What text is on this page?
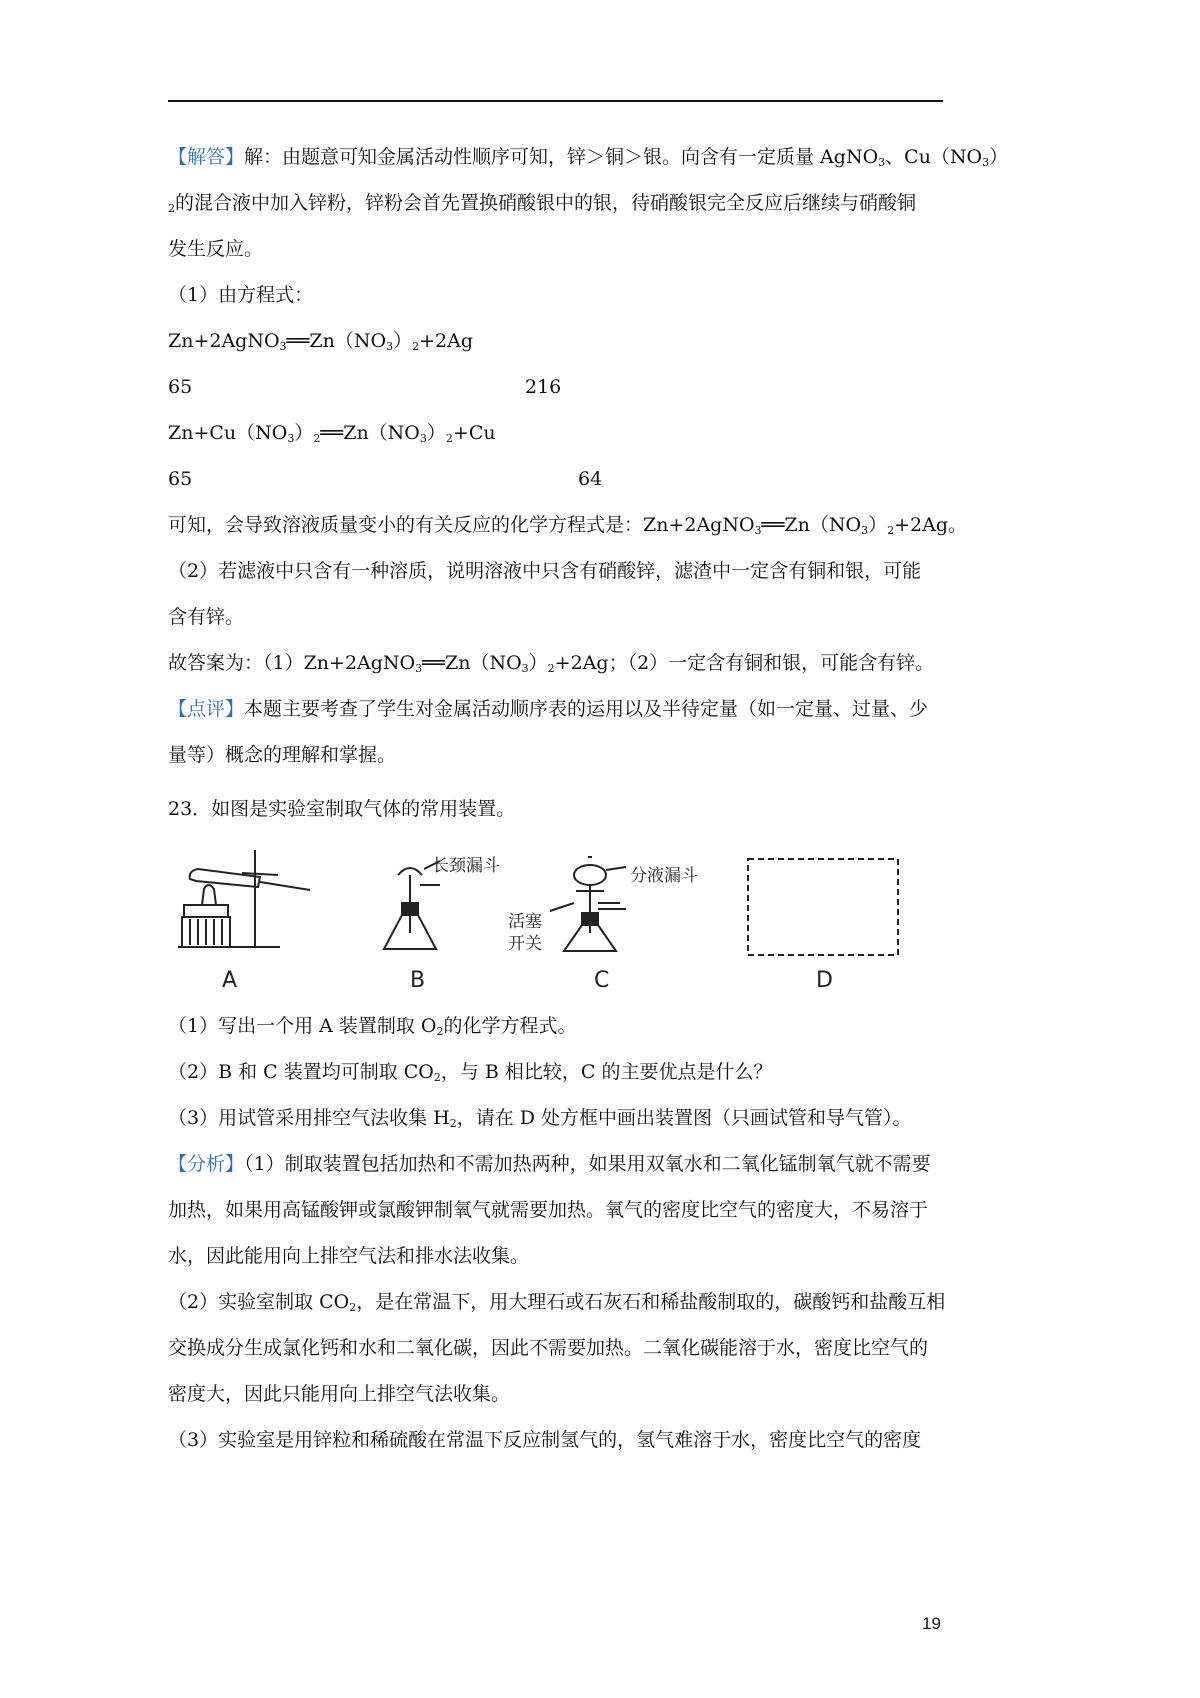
【解答】解：由题意可知金属活动性顺序可知，锌＞铜＞银。向含有一定质量 AgNO$_3$、$Cu(NO_3)$
$_2$的混合液中加入锌粉，锌粉会首先置换硝酸银中的银，待硝酸银完全反应后继续与硝酸铜
发生反应。
（1）由方程式：
$Zn+2AgNO_3══Zn(NO_3)_2+2Ag$
65	216
$Zn+Cu(NO_3)_2══Zn(NO_3)_2+Cu$
65	64
可知，会导致溶液质量变小的有关反应的化学方程式是：$Zn+2AgNO_3══Zn(NO_3)_2+2Ag$。
（2）若滤液中只含有一种溶质，说明溶液中只含有硝酸锌，滤渣中一定含有铜和银，可能
含有锌。
故答案为：$(1)Zn+2AgNO_3══Zn(NO_3)_2+2Ag$；（2）一定含有铜和银，可能含有锌。
【点评】本题主要考查了学生对金属活动顺序表的运用以及半待定量（如一定量、过量、少
量等）概念的理解和掌握。
23．如图是实验室制取气体的常用装置。
长颈漏斗	分液漏斗
活塞
开关
A	B	C	D
（1）写出一个用 A 装置制取 $O_2$的化学方程式。
（2）B 和 C 装置均可制取 $CO_2$，与 B 相比较，C 的主要优点是什么？
（3）用试管采用排空气法收集 $H_2$，请在 D 处方框中画出装置图（只画试管和导气管）。
【分析】（1）制取装置包括加热和不需加热两种，如果用双氧水和二氧化锰制氧气就不需要
加热，如果用高锰酸钾或氯酸钾制氧气就需要加热。氧气的密度比空气的密度大，不易溶于
水，因此能用向上排空气法和排水法收集。
（2）实验室制取 $CO_2$，是在常温下，用大理石或石灰石和稀盐酸制取的，碳酸钙和盐酸互相
交换成分生成氯化钙和水和二氧化碳，因此不需要加热。二氧化碳能溶于水，密度比空气的
密度大，因此只能用向上排空气法收集。
（3）实验室是用锌粒和稀硫酸在常温下反应制氢气的，氢气难溶于水，密度比空气的密度
19
